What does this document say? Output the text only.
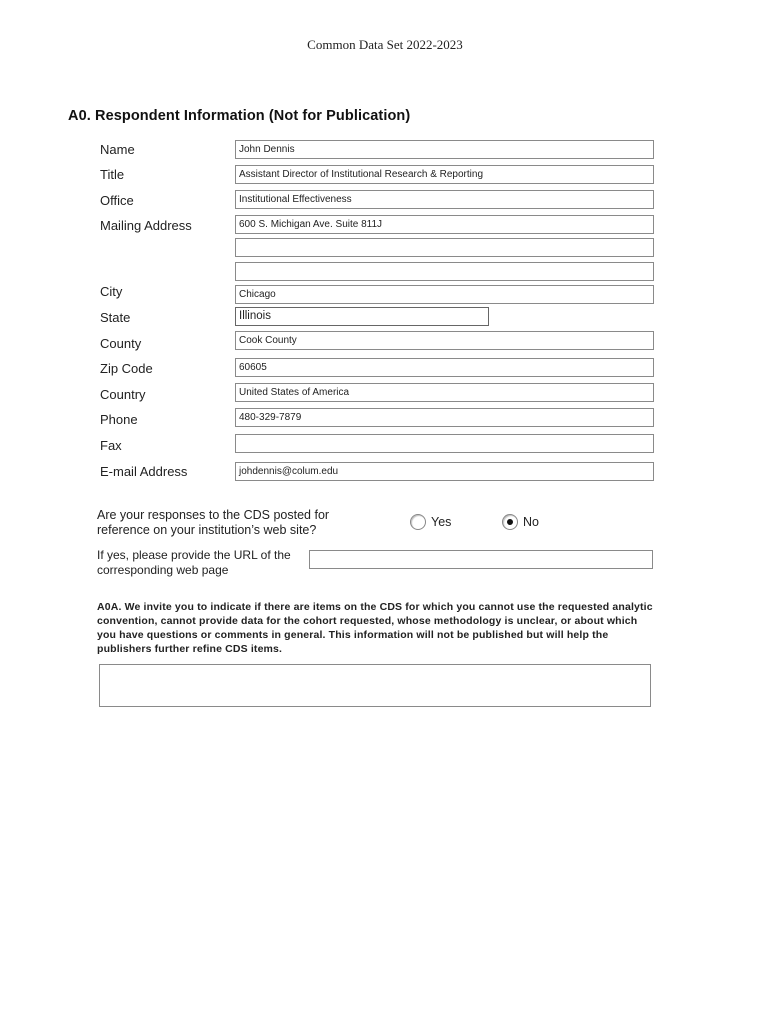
Common Data Set 2022-2023
A0. Respondent Information (Not for Publication)
Name	John Dennis
Title	Assistant Director of Institutional Research & Reporting
Office	Institutional Effectiveness
Mailing Address	600 S. Michigan Ave. Suite 811J
City	Chicago
State	Illinois
County	Cook County
Zip Code	60605
Country	United States of America
Phone	480-329-7879
Fax
E-mail Address	johdennis@colum.edu
Are your responses to the CDS posted for
reference on your institution’s web site?
Yes	No
If yes, please provide the URL of the
corresponding web page
A0A. We invite you to indicate if there are items on the CDS for which you cannot use the requested analytic convention, cannot provide data for the cohort requested, whose methodology is unclear, or about which you have questions or comments in general. This information will not be published but will help the publishers further refine CDS items.
